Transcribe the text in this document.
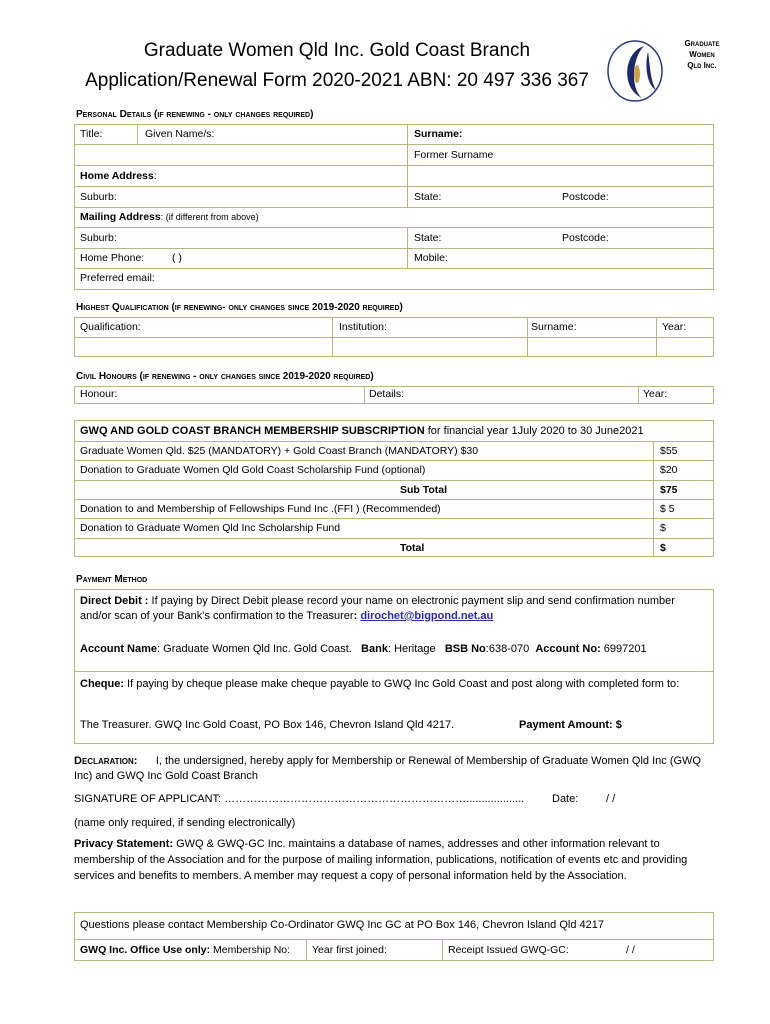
Graduate Women Qld Inc. Gold Coast Branch
Application/Renewal Form 2020-2021 ABN: 20 497 336 367
Graduate
Women
Qld Inc.
Personal Details (if renewing - only changes required)
Title:	Given Name/s:	Surname:
Former Surname
Home Address:
Suburb:	State:	Postcode:
Mailing Address: (if different from above)
Suburb:	State:	Postcode:
Home Phone:	( )	Mobile:
Preferred email:
Highest Qualification (if renewing- only changes since 2019-2020 required)
Qualification:	Institution:	Surname:	Year:
Civil Honours (if renewing - only changes since 2019-2020 required)
Honour:	Details:	Year:
GWQ AND GOLD COAST BRANCH MEMBERSHIP SUBSCRIPTION for financial year 1July 2020 to 30 June2021
Graduate Women Qld. $25 (MANDATORY) + Gold Coast Branch (MANDATORY) $30	$55
Donation to Graduate Women Qld Gold Coast Scholarship Fund (optional)	$20
Sub Total	$75
Donation to and Membership of Fellowships Fund Inc .(FFI ) (Recommended)	$ 5
Donation to Graduate Women Qld Inc Scholarship Fund	$
Total	$
Payment Method
Direct Debit : If paying by Direct Debit please record your name on electronic payment slip and send confirmation number and/or scan of your Bank's confirmation to the Treasurer: dirochet@bigpond.net.au
Account Name: Graduate Women Qld Inc. Gold Coast. Bank: Heritage BSB No:638-070 Account No: 6997201
Cheque: If paying by cheque please make cheque payable to GWQ Inc Gold Coast and post along with completed form to:
The Treasurer. GWQ Inc Gold Coast, PO Box 146, Chevron Island Qld 4217.	Payment Amount: $
Declaration: I, the undersigned, hereby apply for Membership or Renewal of Membership of Graduate Women Qld Inc (GWQ Inc) and GWQ Inc Gold Coast Branch
SIGNATURE OF APPLICANT: …………………………………………………………...................	Date:	/ /
(name only required, if sending electronically)
Privacy Statement: GWQ & GWQ-GC Inc. maintains a database of names, addresses and other information relevant to membership of the Association and for the purpose of mailing information, publications, notification of events etc and providing services and benefits to members. A member may request a copy of personal information held by the Association.
Questions please contact Membership Co-Ordinator GWQ Inc GC at PO Box 146, Chevron Island Qld 4217
GWQ Inc. Office Use only: Membership No: Year first joined:	Receipt Issued GWQ-GC:	/ /
